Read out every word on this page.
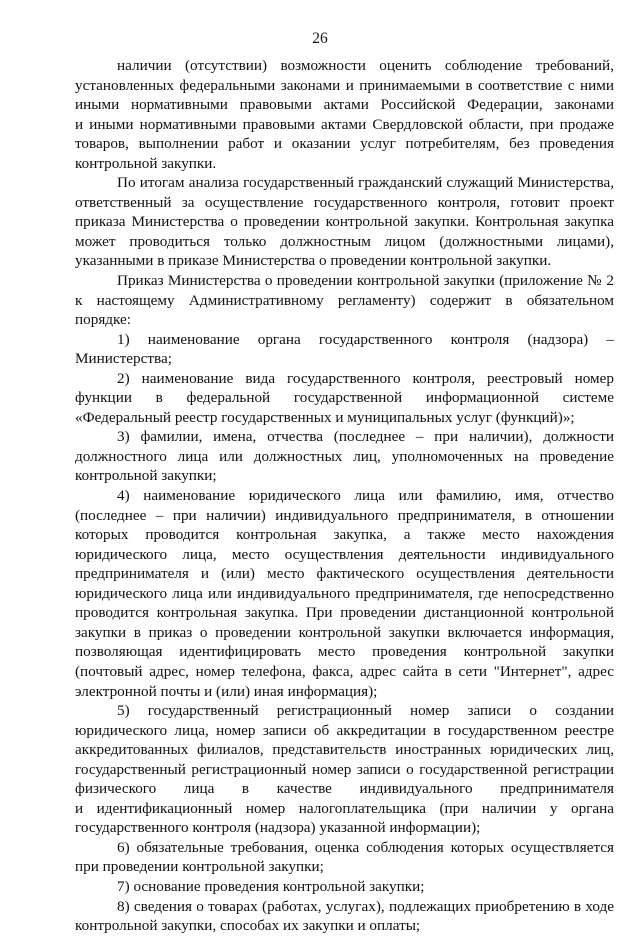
26
наличии (отсутствии) возможности оценить соблюдение требований,
установленных федеральными законами и принимаемыми в соответствие с ними
иными нормативными правовыми актами Российской Федерации, законами
и иными нормативными правовыми актами Свердловской области, при продаже
товаров, выполнении работ и оказании услуг потребителям, без проведения
контрольной закупки.
По итогам анализа государственный гражданский служащий Министерства,
ответственный за осуществление государственного контроля, готовит проект
приказа Министерства о проведении контрольной закупки. Контрольная закупка
может проводиться только должностным лицом (должностными лицами),
указанными в приказе Министерства о проведении контрольной закупки.
Приказ Министерства о проведении контрольной закупки (приложение № 2
к настоящему Административному регламенту) содержит в обязательном
порядке:
1) наименование органа государственного контроля (надзора) –
Министерства;
2) наименование вида государственного контроля, реестровый номер
функции в федеральной государственной информационной системе
«Федеральный реестр государственных и муниципальных услуг (функций)»;
3) фамилии, имена, отчества (последнее – при наличии), должности
должностного лица или должностных лиц, уполномоченных на проведение
контрольной закупки;
4) наименование юридического лица или фамилию, имя, отчество
(последнее – при наличии) индивидуального предпринимателя, в отношении
которых проводится контрольная закупка, а также место нахождения
юридического лица, место осуществления деятельности индивидуального
предпринимателя и (или) место фактического осуществления деятельности
юридического лица или индивидуального предпринимателя, где непосредственно
проводится контрольная закупка. При проведении дистанционной контрольной
закупки в приказ о проведении контрольной закупки включается информация,
позволяющая идентифицировать место проведения контрольной закупки
(почтовый адрес, номер телефона, факса, адрес сайта в сети "Интернет", адрес
электронной почты и (или) иная информация);
5) государственный регистрационный номер записи о создании
юридического лица, номер записи об аккредитации в государственном реестре
аккредитованных филиалов, представительств иностранных юридических лиц,
государственный регистрационный номер записи о государственной регистрации
физического лица в качестве индивидуального предпринимателя
и идентификационный номер налогоплательщика (при наличии у органа
государственного контроля (надзора) указанной информации);
6) обязательные требования, оценка соблюдения которых осуществляется
при проведении контрольной закупки;
7) основание проведения контрольной закупки;
8) сведения о товарах (работах, услугах), подлежащих приобретению в ходе
контрольной закупки, способах их закупки и оплаты;
